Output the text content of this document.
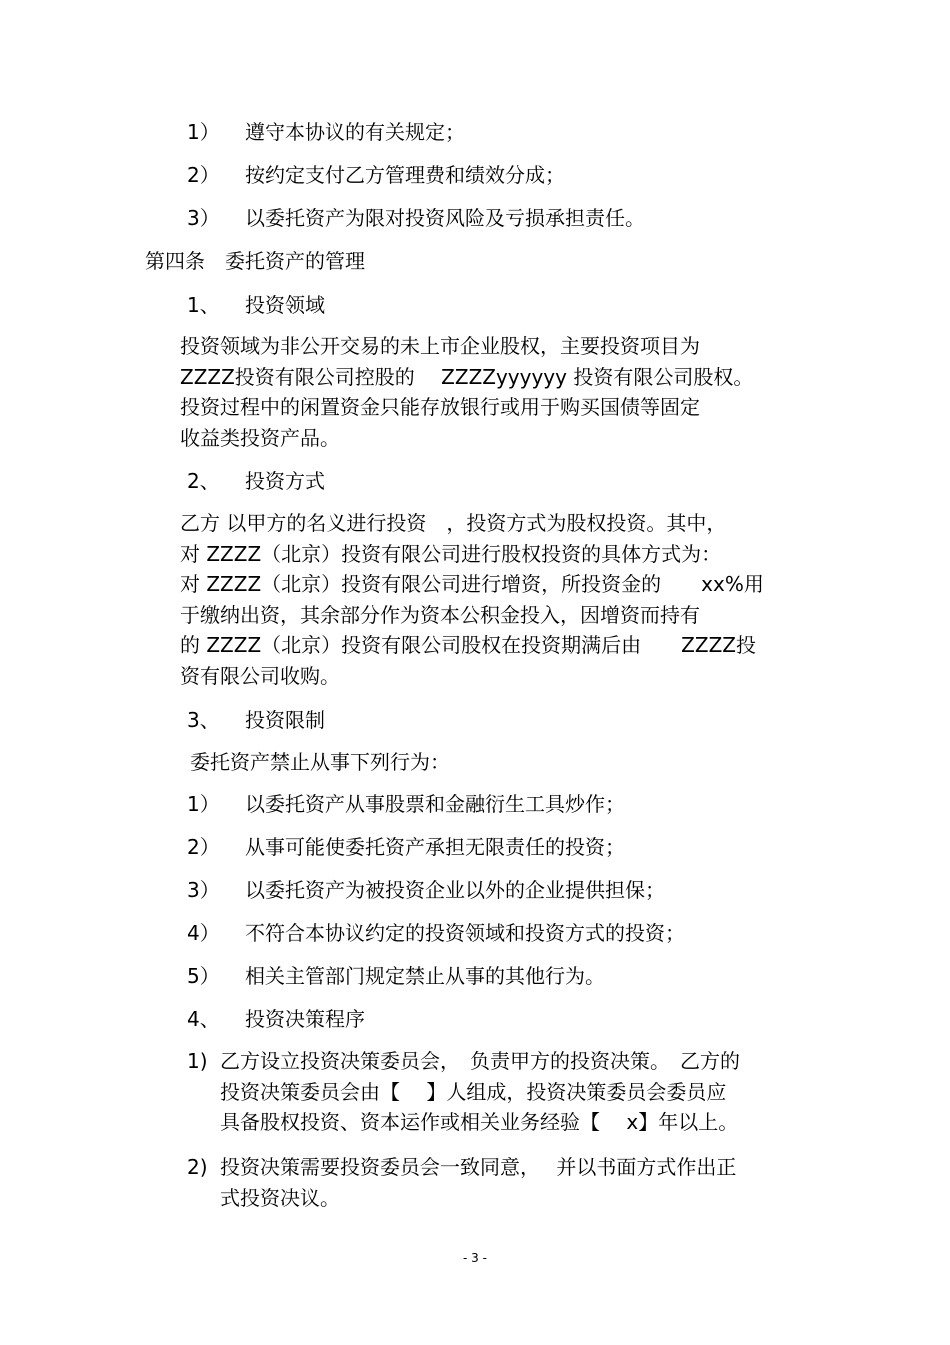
1） 遵守本协议的有关规定；
2） 按约定支付乙方管理费和绩效分成；
3） 以委托资产为限对投资风险及亏损承担责任。
第四条　委托资产的管理
1、 投资领域
投资领域为非公开交易的未上市企业股权，主要投资项目为
ZZZZ投资有限公司控股的　 ZZZZyyyyyy 投资有限公司股权。
投资过程中的闲置资金只能存放银行或用于购买国债等固定
收益类投资产品。
2、 投资方式
乙方 以甲方的名义进行投资　，投资方式为股权投资。其中，
对 ZZZZ（北京）投资有限公司进行股权投资的具体方式为：
对 ZZZZ（北京）投资有限公司进行增资，所投资金的　　xx%用
于缴纳出资，其余部分作为资本公积金投入，因增资而持有
的 ZZZZ（北京）投资有限公司股权在投资期满后由　　ZZZZ投
资有限公司收购。
3、 投资限制
委托资产禁止从事下列行为：
1） 以委托资产从事股票和金融衍生工具炒作；
2） 从事可能使委托资产承担无限责任的投资；
3） 以委托资产为被投资企业以外的企业提供担保；
4） 不符合本协议约定的投资领域和投资方式的投资；
5） 相关主管部门规定禁止从事的其他行为。
4、 投资决策程序
1) 乙方设立投资决策委员会，　负责甲方的投资决策。　乙方的
投资决策委员会由【　 】人组成，投资决策委员会委员应
具备股权投资、资本运作或相关业务经验【　 x】年以上。
2) 投资决策需要投资委员会一致同意，　 并以书面方式作出正
式投资决议。
- 3 -
